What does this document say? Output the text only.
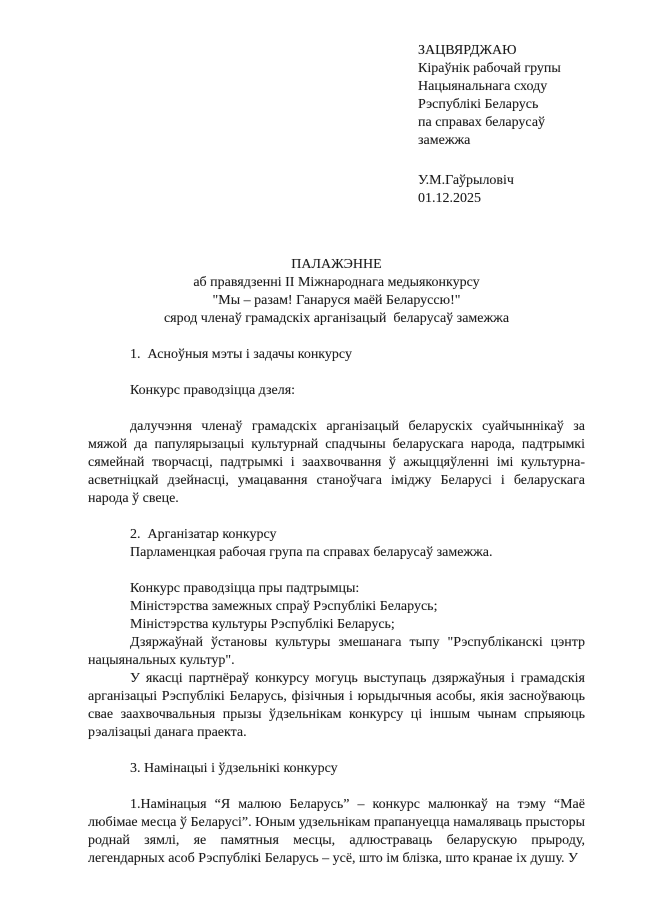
ЗАЦВЯРДЖАЮ

Кіраўнік рабочай групы

Нацыянальнага сходу

Рэспублікі Беларусь

па справах беларусаў замежжа

У.М.Гаўрыловіч

01.12.2025

ПАЛАЖЭННЕ

аб правядзенні II Міжнароднага медыяконкурсу

"Мы – разам! Ганаруся маёй Беларуссю!"

сярод членаў грамадскіх арганізацый  беларусаў замежжа

1.  Асноўныя мэты і задачы конкурсу

Конкурс праводзіцца дзеля:

далучэння членаў грамадскіх арганізацый беларускіх суайчыннікаў за мяжой да папулярызацыі культурнай спадчыны беларускага народа, падтрымкі сямейнай творчасці, падтрымкі і заахвочвання ў ажыццяўленні імі культурна-асветніцкай дзейнасці, умацавання станоўчага іміджу Беларусі і беларускага народа ў свеце.

2.  Арганізатар конкурсу

Парламенцкая рабочая група па справах беларусаў замежжа.

Конкурс праводзіцца пры падтрымцы:

Міністэрства замежных спраў Рэспублікі Беларусь;

Міністэрства культуры Рэспублікі Беларусь;

Дзяржаўнай ўстановы культуры змешанага тыпу "Рэспубліканскі цэнтр нацыянальных культур".

У якасці партнёраў конкурсу могуць выступаць дзяржаўныя і грамадскія арганізацыі Рэспублікі Беларусь, фізічныя і юрыдычныя асобы, якія засноўваюць свае заахвочвальныя прызы ўдзельнікам конкурсу ці іншым чынам спрыяюць рэалізацыі данага праекта.

3. Намінацыі і ўдзельнікі конкурсу

1.Намінацыя “Я малюю Беларусь” – конкурс малюнкаў на тэму “Маё любімае месца ў Беларусі”. Юным удзельнікам прапануецца намаляваць прысторы роднай зямлі, яе памятныя месцы, адлюстраваць беларускую прыроду, легендарных асоб Рэспублікі Беларусь – усё, што ім блізка, што кранае іх душу. У
